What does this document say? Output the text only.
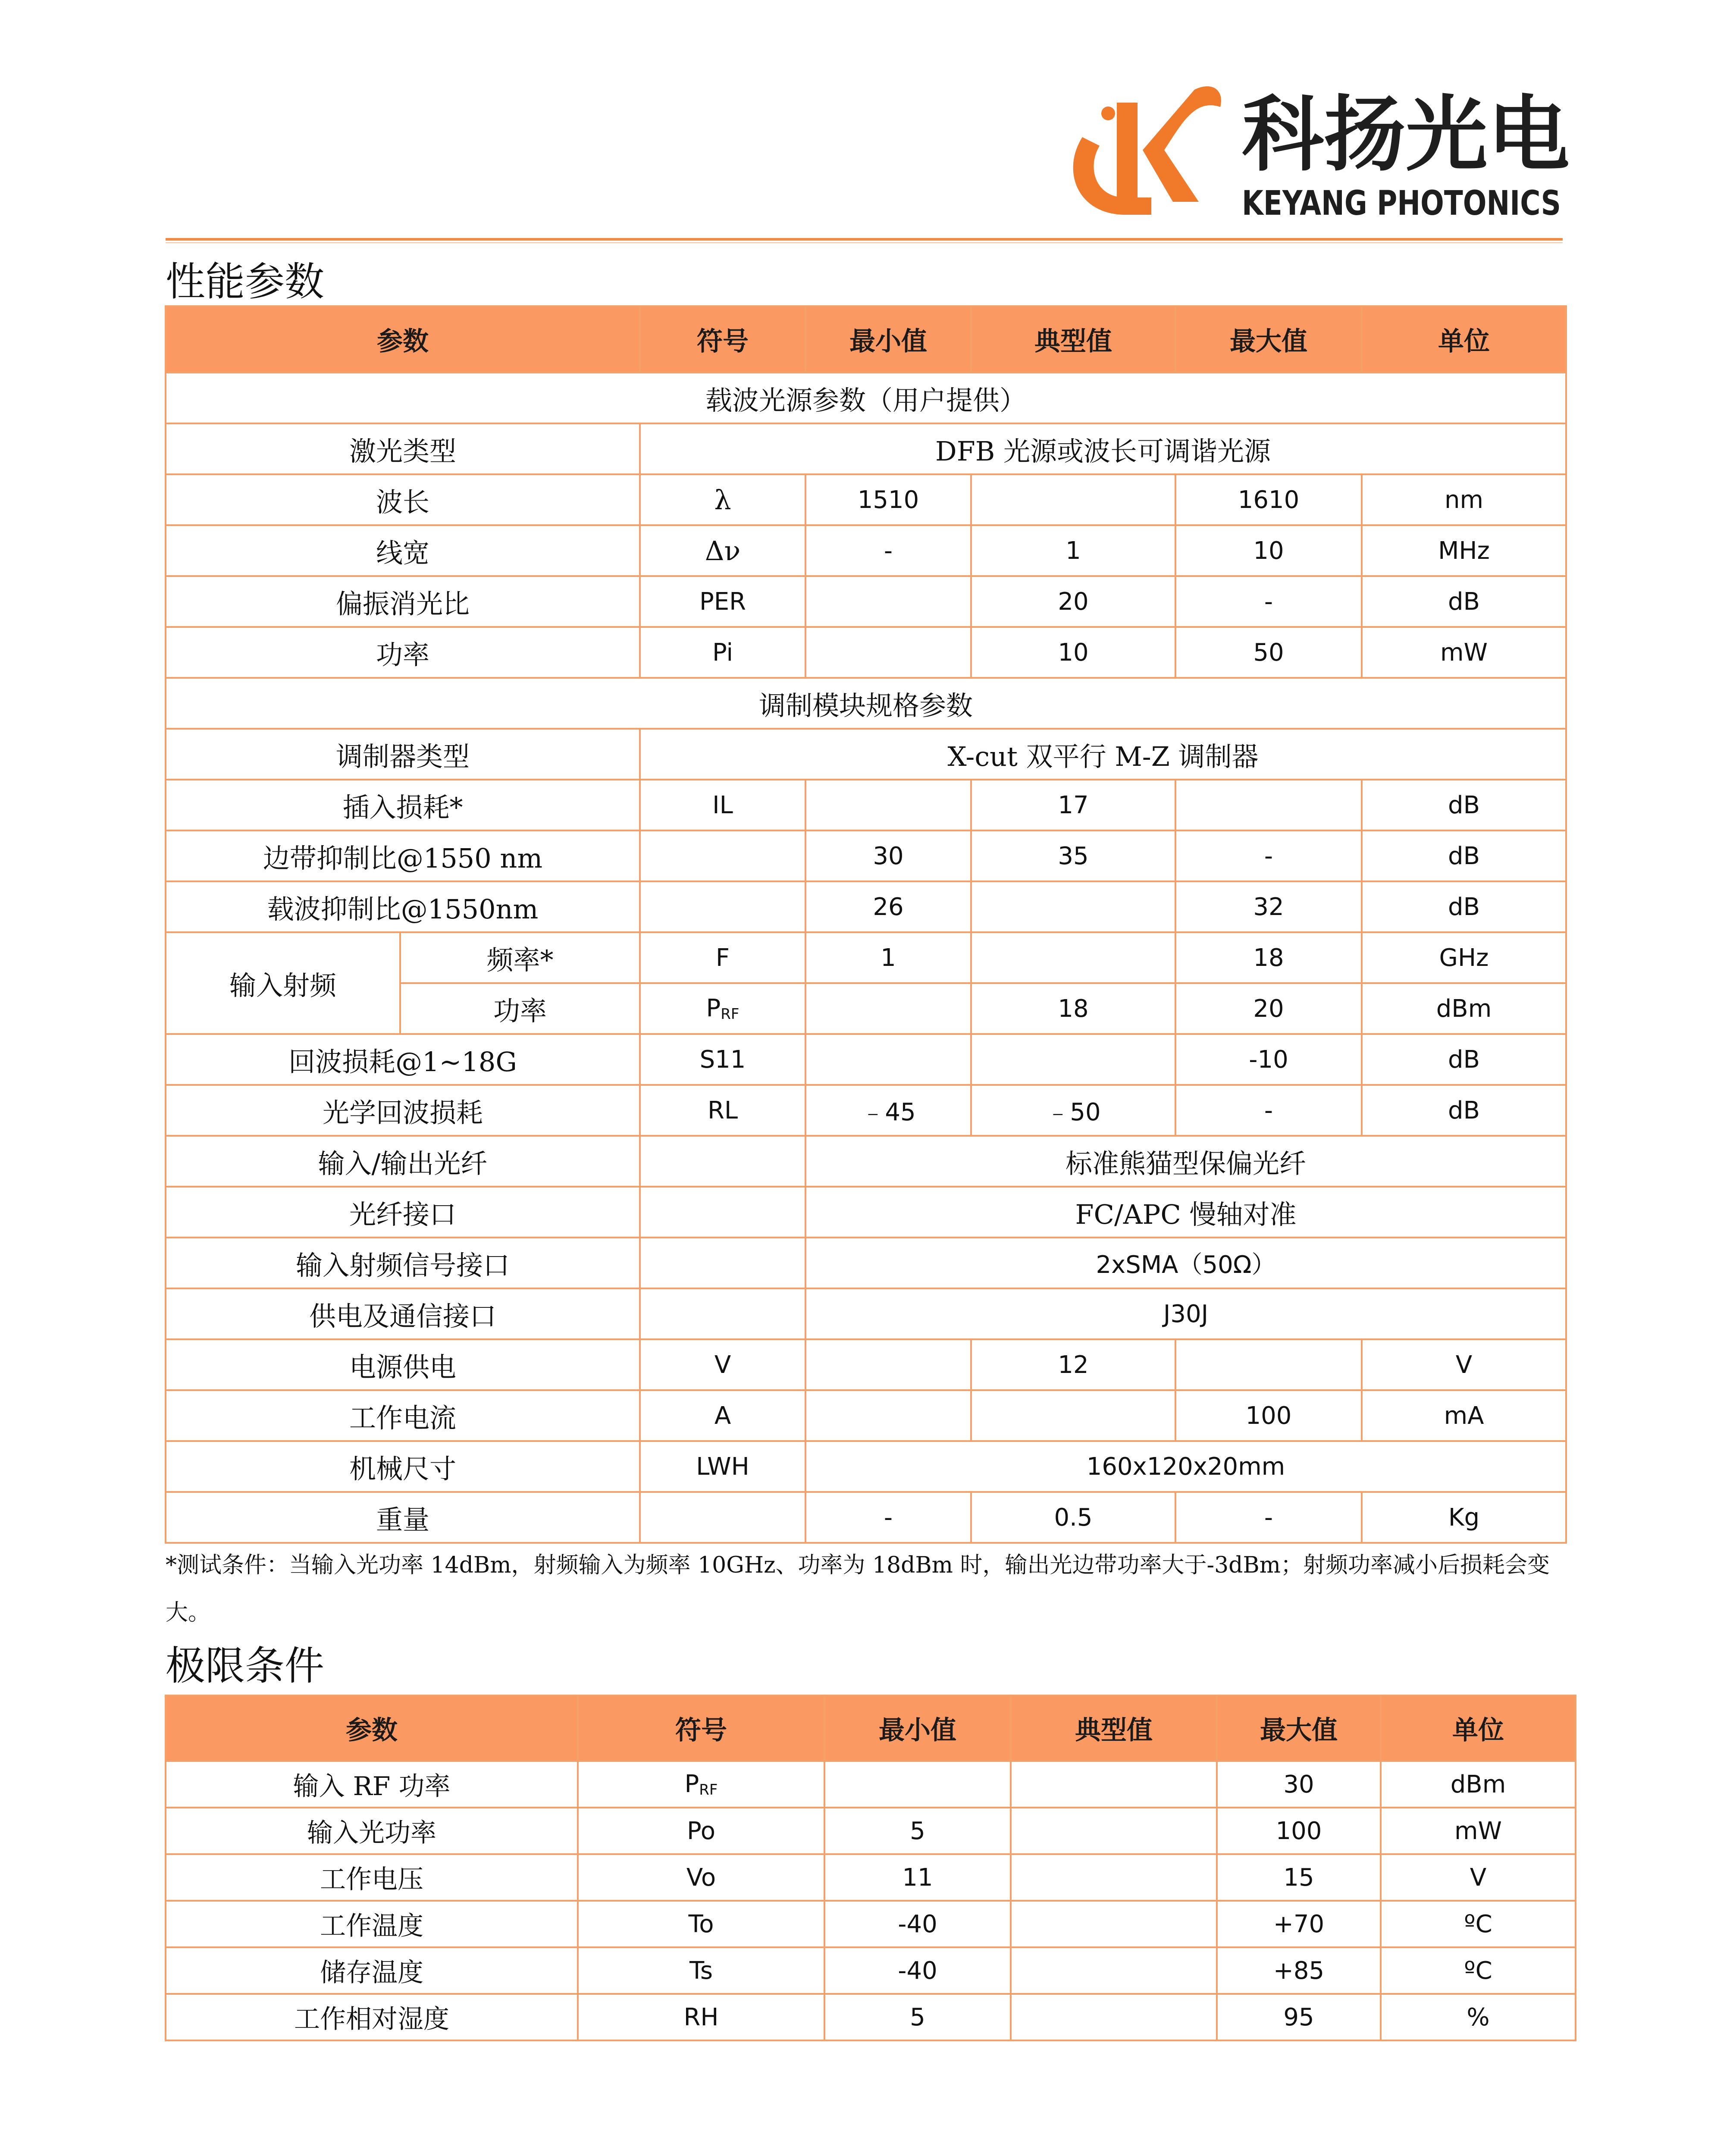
科扬光电
KEYANG PHOTONICS
性能参数
参数		符号	最小值	典型值	最大值	单位
载波光源参数（用户提供）						
激光类型		DFB 光源或波长可调谐光源				
波长		λ	1510		1610	nm
线宽		Δν	-	1	10	MHz
偏振消光比		PER		20	-	dB
功率		Pi		10	50	mW
调制模块规格参数						
调制器类型		X-cut 双平行 M-Z 调制器				
插入损耗*		IL		17		dB
边带抑制比@1550 nm			30	35	-	dB
载波抑制比@1550nm			26		32	dB
输入射频	频率*	F	1		18	GHz
	功率	$P_{RF}$		18	20	dBm
回波损耗@1~18G		S11			-10	dB
光学回波损耗		RL	﹣45	﹣50	-	dB
输入/输出光纤			标准熊猫型保偏光纤			
光纤接口			FC/APC 慢轴对准			
输入射频信号接口			2xSMA（50Ω）			
供电及通信接口			J30J			
电源供电		V		12		V
工作电流		A			100	mA
机械尺寸		LWH	160x120x20mm			
重量			-	0.5	-	Kg
*测试条件：当输入光功率 14dBm，射频输入为频率 10GHz、功率为 18dBm 时，输出光边带功率大于-3dBm；射频功率减小后损耗会变大。
极限条件
参数	符号	最小值	典型值	最大值	单位
输入 RF 功率	$P_{RF}$			30	dBm
输入光功率	Po	5		100	mW
工作电压	Vo	11		15	V
工作温度	To	-40		+70	ºC
储存温度	Ts	-40		+85	ºC
工作相对湿度	RH	5		95	%
